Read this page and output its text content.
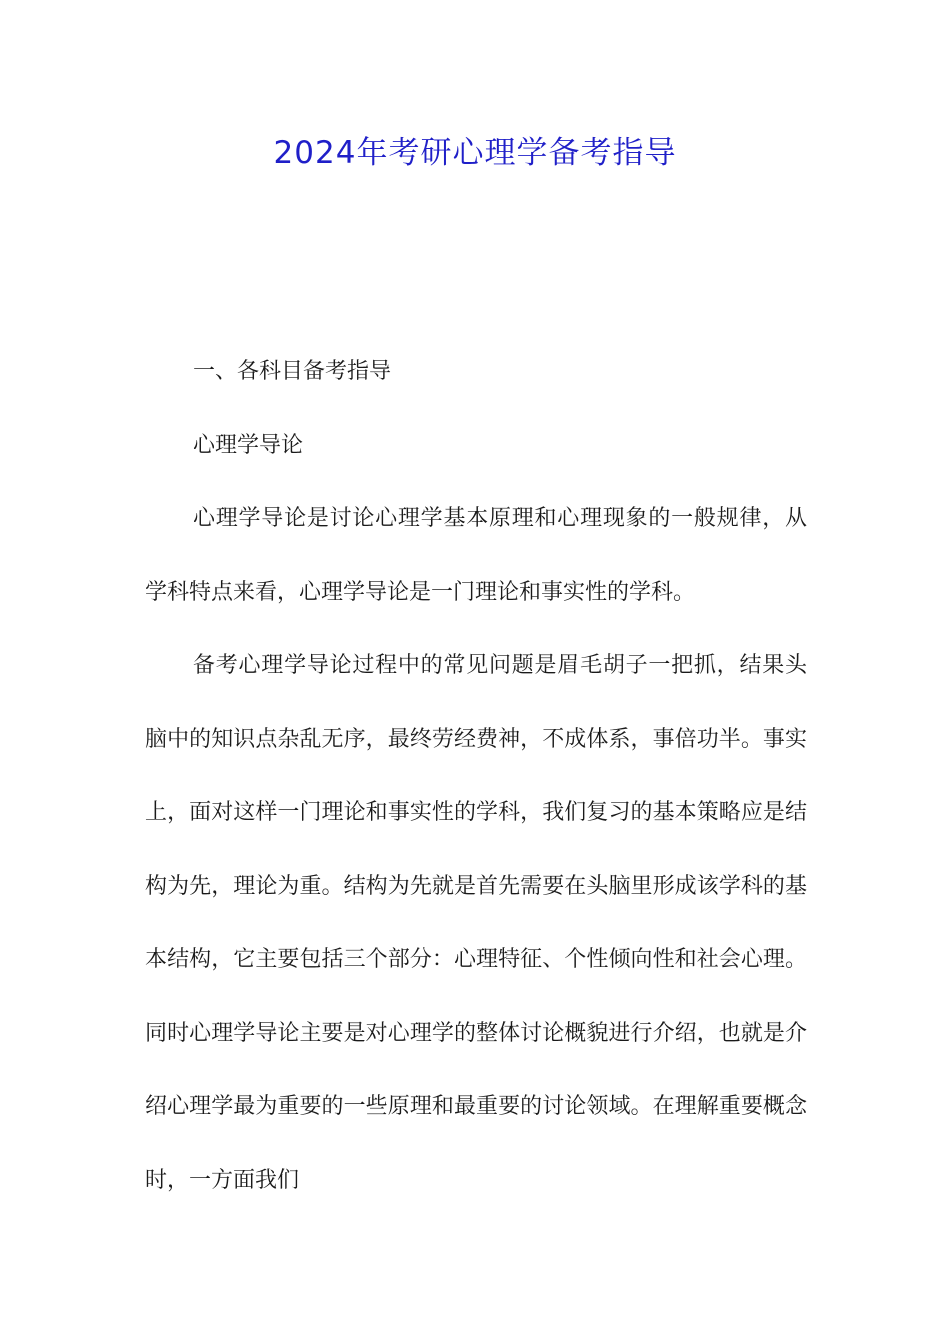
2024年考研心理学备考指导

一、各科目备考指导

心理学导论

心理学导论是讨论心理学基本原理和心理现象的一般规律，从学科特点来看，心理学导论是一门理论和事实性的学科。

备考心理学导论过程中的常见问题是眉毛胡子一把抓，结果头脑中的知识点杂乱无序，最终劳经费神，不成体系，事倍功半。事实上，面对这样一门理论和事实性的学科，我们复习的基本策略应是结构为先，理论为重。结构为先就是首先需要在头脑里形成该学科的基本结构，它主要包括三个部分：心理特征、个性倾向性和社会心理。同时心理学导论主要是对心理学的整体讨论概貌进行介绍，也就是介绍心理学最为重要的一些原理和最重要的讨论领域。在理解重要概念时，一方面我们
